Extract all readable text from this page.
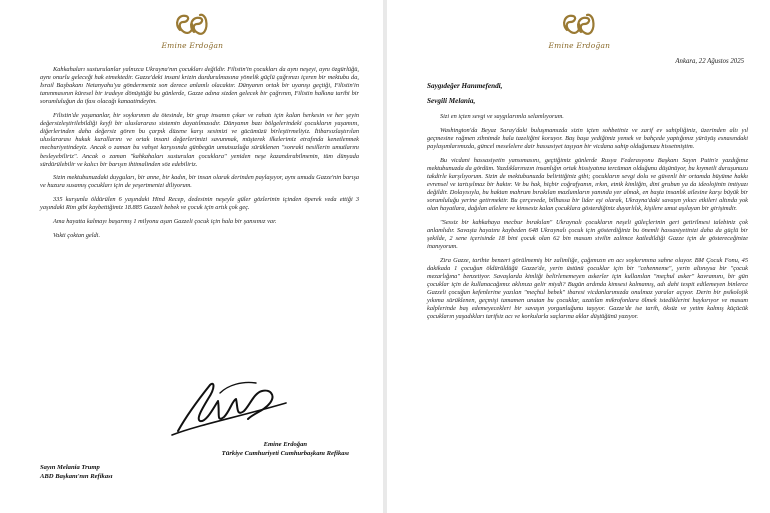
Emine Erdoğan

Kahkahaları susturulanlar yalnızca Ukrayna'nın çocukları değildir. Filistin'in çocukları da aynı neşeyi, aynı özgürlüğü, aynı onurlu geleceği hak etmektedir. Gazze'deki insani krizin durdurulmasına yönelik güçlü çağrınızı içeren bir mektubu da, İsrail Başbakanı Netanyahu'ya göndermeniz son derece anlamlı olacaktır. Dünyanın ortak bir uyanışı geçtiği, Filistin'in tanınmasının küresel bir iradeye dönüştüğü bu günlerde, Gazze adına sizden gelecek bir çağrının, Filistin halkına tarihi bir sorumluluğun da ifası olacağı kanaatindeyim.

Filistin'de yaşananlar, bir soykırımın da ötesinde, bir grup insanın çıkar ve rahatı için kalan herkesin ve her şeyin değersizleştirilebildiği keyfi bir uluslararası sistemin dayatılmasıdır. Dünyanın bazı bölgelerindeki çocukların yaşamını, diğerlerinden daha değersiz gören bu çarpık düzene karşı sesimizi ve gücümüzü birleştirmeliyiz. İtibarsızlaştırılan uluslararası hukuk kurallarını ve ortak insani değerlerimizi savunmak, müşterek ilkelerimiz etrafında kenetlenmek mecburiyetindeyiz. Ancak o zaman bu vahşet karşısında günbegün umutsuzluğa sürüklenen "sonraki nesillerin umutlarını besleyebiliriz". Ancak o zaman "kahkahaları susturulan çocuklara" yeniden neşe kazandırabilmenin, tüm dünyada sürdürülebilir ve kalıcı bir barışın ihtimalinden söz edebiliriz.

Sizin mektubunuzdaki duyguları, bir anne, bir kadın, bir insan olarak derinden paylaşıyor, aynı umudu Gazze'nin barışa ve huzura susamış çocukları için de yeşertmenizi diliyorum.

335 kurşunla öldürülen 6 yaşındaki Hind Recep, dedesinin neşeyle güler gözlerinin içinden öperek veda ettiği 3 yaşındaki Rim gibi kaybettiğimiz 18.885 Gazzeli bebek ve çocuk için artık çok geç.

Ama hayatta kalmayı başarmış 1 milyonu aşan Gazzeli çocuk için hala bir şansımız var.

Vakti çoktan geldi.

Emine Erdoğan
Türkiye Cumhuriyeti Cumhurbaşkanı Refikası
Sayın Melania Trump
ABD Başkanı'nın Refikası
Emine Erdoğan
Ankara, 22 Ağustos 2025
Saygıdeğer Hanımefendi,
Sevgili Melania,

Sizi en içten sevgi ve saygılarımla selamlıyorum.

Washington'da Beyaz Saray'daki buluşmamızda sizin içten sohbetiniz ve zarif ev sahipliğiniz, üzerinden altı yıl geçmesine rağmen zihnimde hala tazeliğini koruyor. Baş başa yediğimiz yemek ve bahçede yaptığımız yürüyüş esnasındaki paylaşımlarımızda, güncel meselelere dair hassasiyet taşıyan bir vicdana sahip olduğunuzu hissetmiştim.

Bu vicdani hassasiyetin yansımasını, geçtiğimiz günlerde Rusya Federasyonu Başkanı Sayın Putin'e yazdığınız mektubunuzda da gördüm. Yazdıklarınızın insanlığın ortak hissiyatına tercüman olduğunu düşünüyor, bu kıymetli duruşunuzu takdirle karşılıyorum. Sizin de mektubunuzda belirttiğiniz gibi; çocukların sevgi dolu ve güvenli bir ortamda büyüme hakkı evrensel ve tartışılmaz bir haktır. Ve bu hak, hiçbir coğrafyanın, ırkın, etnik kimliğin, dini grubun ya da ideolojinin imtiyazı değildir. Dolayısıyla, bu haktan mahrum bırakılan mazlumların yanında yer almak, en başta insanlık ailesine karşı büyük bir sorumluluğu yerine getirmektir. Bu çerçevede, bilhassa bir lider eşi olarak, Ukrayna'daki savaşın yıkıcı etkileri altında yok olan hayatlara, dağılan ailelere ve kimsesiz kalan çocuklara gösterdiğiniz duyarlılık, kişilere umut aşılayan bir girişimdir.

"Sessiz bir kahkahaya mecbur bırakılan" Ukraynalı çocukların neşeli güleçlerinin geri getirilmesi talebiniz çok anlamlıdır. Savaşta hayatını kaybeden 648 Ukraynalı çocuk için gösterdiğiniz bu önemli hassasiyetinizi daha da güçlü bir şekilde, 2 sene içerisinde 18 bini çocuk olan 62 bin masum sivilin zalimce katledildiği Gazze için de göstereceğinize inanıyorum.

Zira Gazze, tarihte benzeri görülmemiş bir zalimliğe, çağımızın en acı soykırımına sahne oluyor. BM Çocuk Fonu, 45 dakikada 1 çocuğun öldürüldüğü Gazze'de, yerin üstünü çocuklar için bir "cehenneme", yerin altınıysa bir "çocuk mezarlığına" benzetiyor. Savaşlarda kimliği belirlenemeyen askerler için kullanılan "meçhul asker" kavramını, bir gün çocuklar için de kullanacağımız aklınıza gelir miydi? Bugün ardında kimsesi kalmamış, adı dahi tespit edilemeyen binlerce Gazzeli çocuğun kefenlerine yazılan "meçhul bebek" ibaresi vicdanlarımızda onulmaz yaralar açıyor. Derin bir psikolojik yıkıma sürüklenen, geçmişi tamamen unutan bu çocuklar, uzatılan mikrofonlara ölmek istediklerini haykırıyor ve masum kalplerinde baş edemeyecekleri bir savaşın yorgunluğunu taşıyor. Gazze'de ise tarih, öksüz ve yetim kalmış küçücük çocukların yaşadıkları tarifsiz acı ve korkularla saçlarına aklar düştüğünü yazıyor.
